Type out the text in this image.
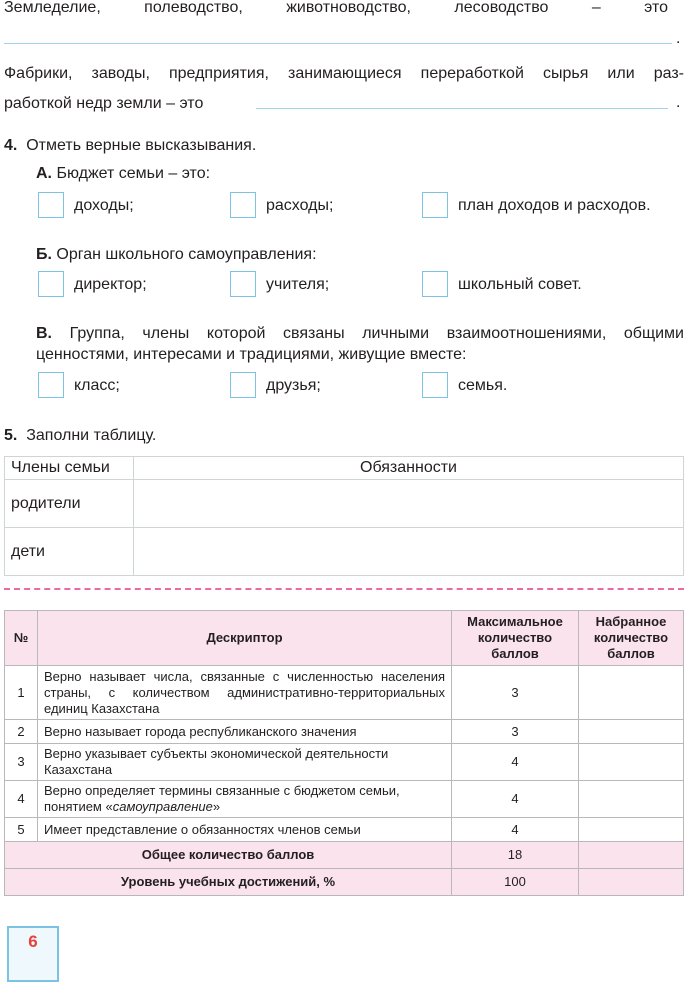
Земледелие, полеводство, животноводство, лесоводство – это
.
Фабрики, заводы, предприятия, занимающиеся переработкой сырья или раз-
работкой недр земли – это	.
4. Отметь верные высказывания.
А. Бюджет семьи – это:
доходы;	расходы;	план доходов и расходов.
Б. Орган школьного самоуправления:
директор;	учителя;	школьный совет.
В. Группа, члены которой связаны личными взаимоотношениями, общими
ценностями, интересами и традициями, живущие вместе:
класс;	друзья;	семья.
5. Заполни таблицу.
Члены семьи	Обязанности
родители	
дети	
№	Дескриптор	Максимальное количество баллов	Набранное количество баллов
1	Верно называет числа, связанные с численностью населения страны, с количеством административно-территориальных единиц Казахстана	3	
2	Верно называет города республиканского значения	3	
3	Верно указывает субъекты экономической деятельности Казахстана	4	
4	Верно определяет термины связанные с бюджетом семьи, понятием «самоуправление»	4	
5	Имеет представление о обязанностях членов семьи	4	
Общее количество баллов		18	
Уровень учебных достижений, %		100	
6
